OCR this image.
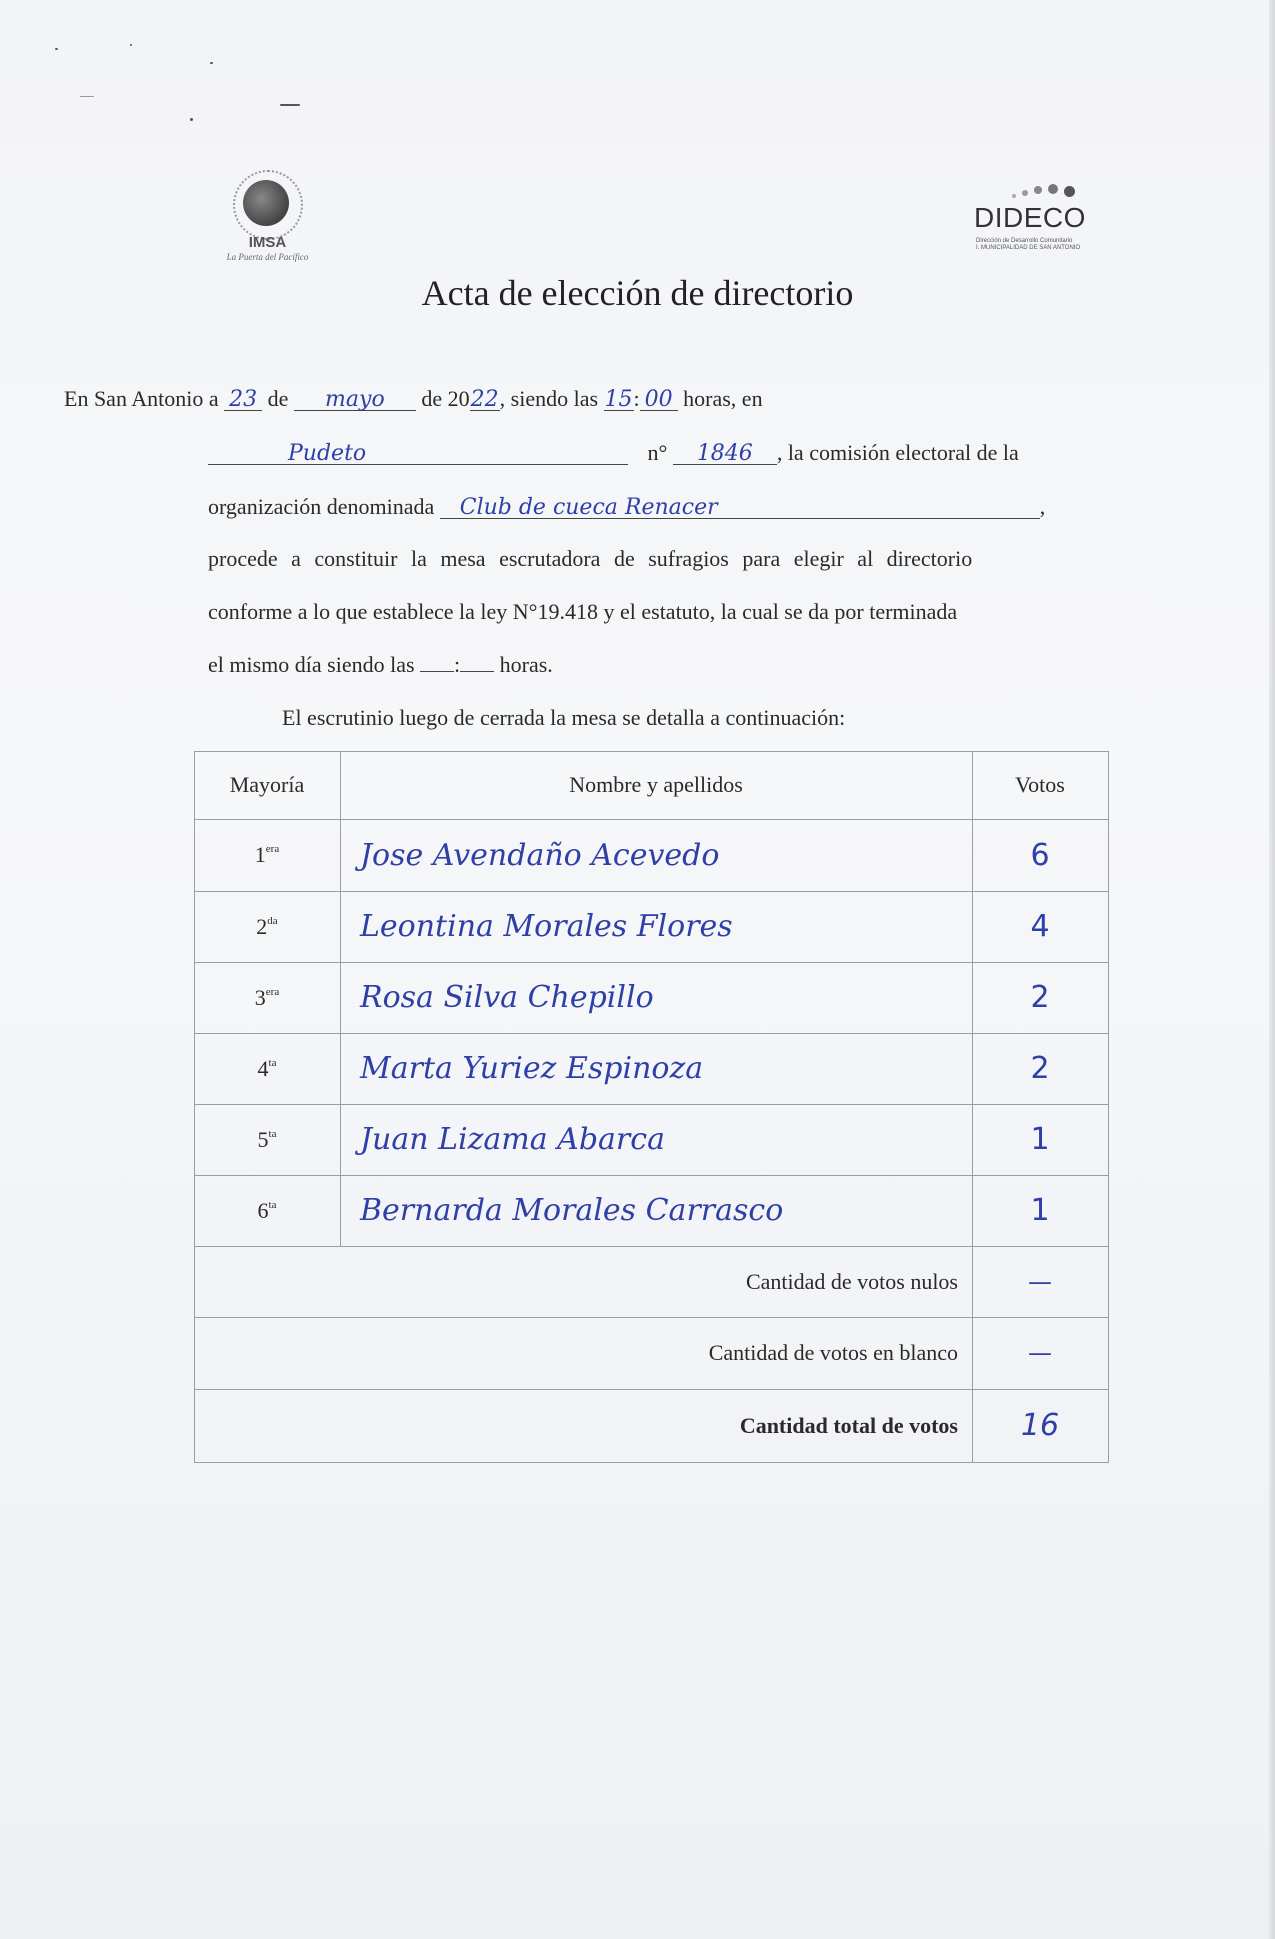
IMSA
La Puerta del Pacífico
DIDECO
Dirección de Desarrollo Comunitario
I. MUNICIPALIDAD DE SAN ANTONIO
Acta de elección de directorio
En San Antonio a 23 de mayo de 2022, siendo las 15: 00 horas, en
Pudeto	n° 1846 , la comisión electoral de la
organización denominada Club de cueca Renacer	,
procede a constituir la mesa escrutadora de sufragios para elegir al directorio
conforme a lo que establece la ley N°19.418 y el estatuto, la cual se da por terminada
el mismo día siendo las : horas.
El escrutinio luego de cerrada la mesa se detalla a continuación:
Mayoría	Nombre y apellidos	Votos
$1^{era}$	Jose Avendaño Acevedo	6
$2^{da}$	Leontina Morales Flores	4
$3^{era}$	Rosa Silva Chepillo	2
$4^{ta}$	Marta Yuriez Espinoza	2
$5^{ta}$	Juan Lizama Abarca	1
$6^{ta}$	Bernarda Morales Carrasco	1
Cantidad de votos nulos	—
Cantidad de votos en blanco	—
Cantidad total de votos	16
